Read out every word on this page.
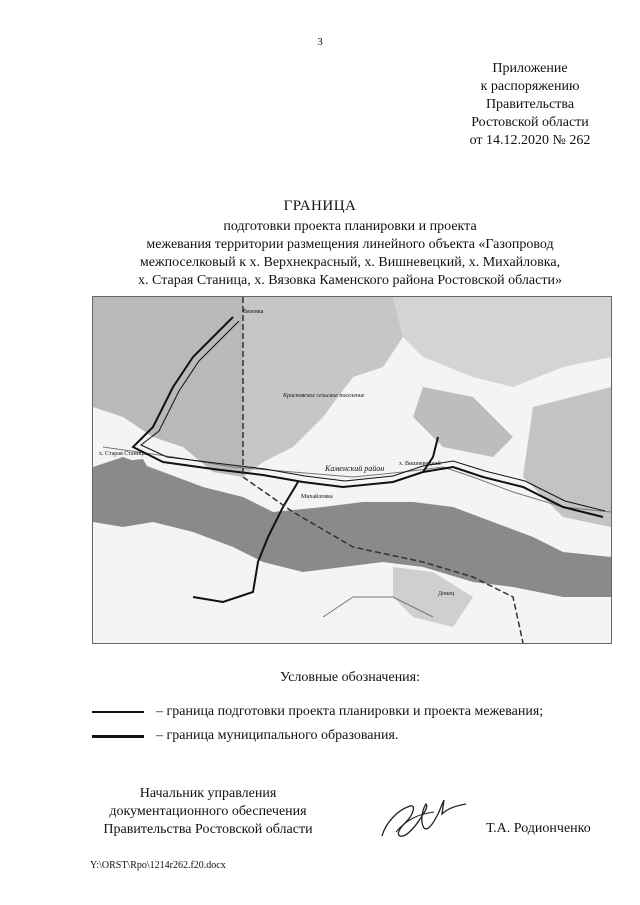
3
Приложение
к распоряжению
Правительства
Ростовской области
от 14.12.2020 № 262
ГРАНИЦА
подготовки проекта планировки и проекта
межевания территории размещения линейного объекта «Газопровод
межпоселковый к х. Верхнекрасный, х. Вишневецкий, х. Михайловка,
х. Старая Станица, х. Вязовка Каменского района Ростовской области»
Каменский район
Михайловка
х. Старая Станица
х. Вишневецкий
Красновское сельское поселение
Донец
Вязовка
Условные обозначения:
– граница подготовки проекта планировки и проекта межевания;
– граница муниципального образования.
Начальник управления
документационного обеспечения
Правительства Ростовской области	Т.А. Родионченко
Y:\ORST\Rpo\1214r262.f20.docx
